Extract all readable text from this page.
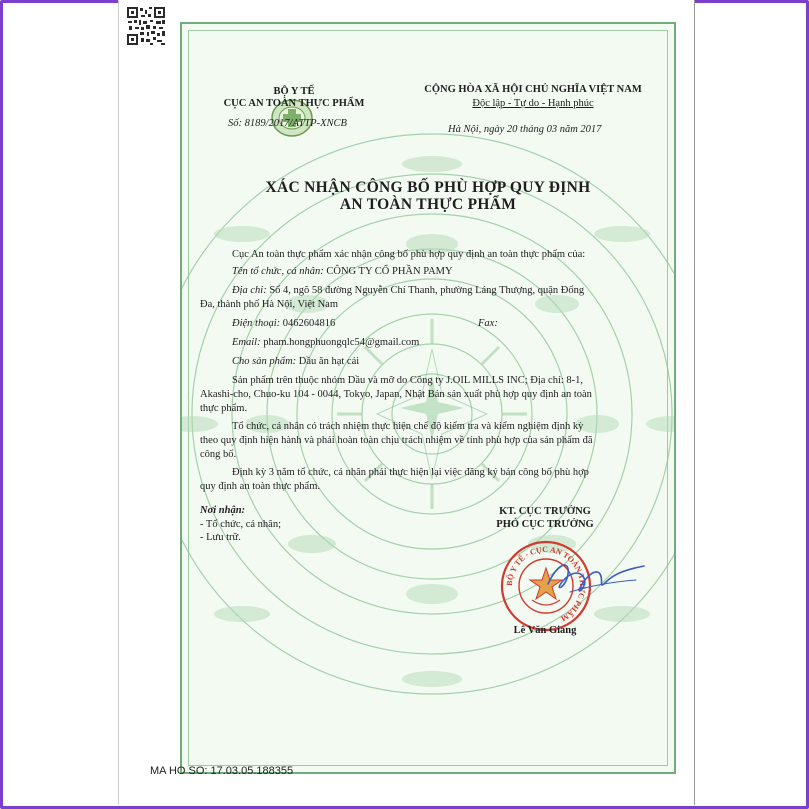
BỘ Y TẾ
CỤC AN TOÀN THỰC PHẨM
Số: 8189/2017/ATTP-XNCB
CỘNG HÒA XÃ HỘI CHỦ NGHĨA VIỆT NAM
Độc lập - Tự do - Hạnh phúc
Hà Nội, ngày 20 tháng 03 năm 2017
XÁC NHẬN CÔNG BỐ PHÙ HỢP QUY ĐỊNH
AN TOÀN THỰC PHẨM
Cục An toàn thực phẩm xác nhận công bố phù hợp quy định an toàn thực phẩm của:
Tên tổ chức, cá nhân: CÔNG TY CỔ PHẦN PAMY
Địa chỉ: Số 4, ngõ 58 đường Nguyễn Chí Thanh, phường Láng Thượng, quận Đống
Đa, thành phố Hà Nội, Việt Nam
Điện thoại: 0462604816	Fax:
Email: pham.hongphuongqlc54@gmail.com
Cho sản phẩm: Dầu ăn hạt cải
Sản phẩm trên thuộc nhóm Dầu và mỡ do Công ty J.OIL MILLS INC; Địa chỉ: 8-1,
Akashi-cho, Chuo-ku 104 - 0044, Tokyo, Japan, Nhật Bản sản xuất phù hợp quy định an toàn
thực phẩm.
Tổ chức, cá nhân có trách nhiệm thực hiện chế độ kiểm tra và kiểm nghiệm định kỳ
theo quy định hiện hành và phải hoàn toàn chịu trách nhiệm về tính phù hợp của sản phẩm đã
công bố.
Định kỳ 3 năm tổ chức, cá nhân phải thực hiện lại việc đăng ký bản công bố phù hợp
quy định an toàn thực phẩm.
Nơi nhận:
- Tổ chức, cá nhân;
- Lưu trữ.
KT. CỤC TRƯỞNG
PHÓ CỤC TRƯỞNG
BỘ Y TẾ · CỤC AN TOÀN THỰC PHẨM
Lê Văn Giang
MA HO SO: 17.03.05.188355
